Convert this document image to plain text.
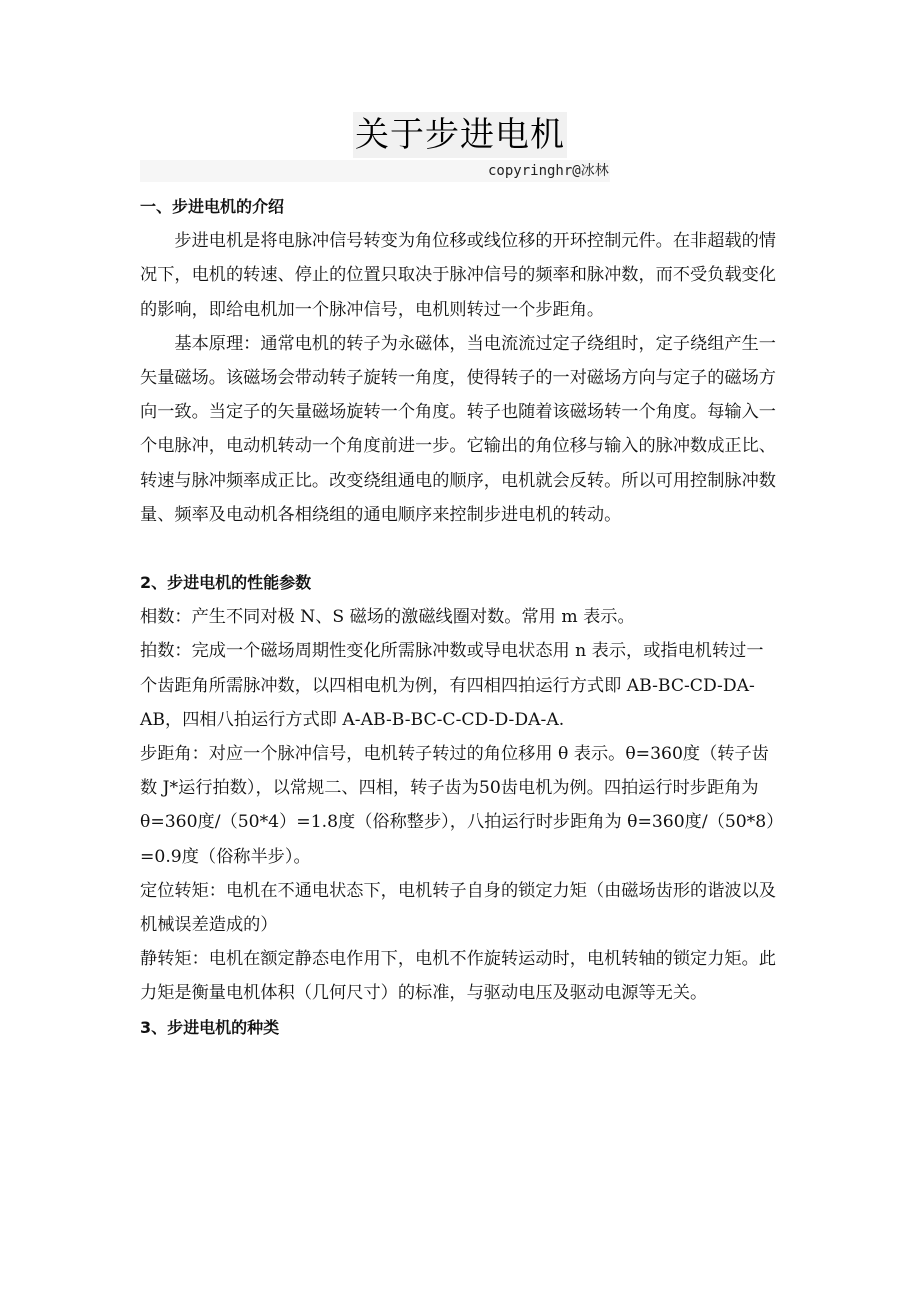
关于步进电机
copyringhr@冰林

一、步进电机的介绍

步进电机是将电脉冲信号转变为角位移或线位移的开环控制元件。在非超载的情况下，电机的转速、停止的位置只取决于脉冲信号的频率和脉冲数，而不受负载变化的影响，即给电机加一个脉冲信号，电机则转过一个步距角。

基本原理：通常电机的转子为永磁体，当电流流过定子绕组时，定子绕组产生一矢量磁场。该磁场会带动转子旋转一角度，使得转子的一对磁场方向与定子的磁场方向一致。当定子的矢量磁场旋转一个角度。转子也随着该磁场转一个角度。每输入一个电脉冲，电动机转动一个角度前进一步。它输出的角位移与输入的脉冲数成正比、转速与脉冲频率成正比。改变绕组通电的顺序，电机就会反转。所以可用控制脉冲数量、频率及电动机各相绕组的通电顺序来控制步进电机的转动。

2、步进电机的性能参数

相数：产生不同对极 N、S 磁场的激磁线圈对数。常用 m 表示。

拍数：完成一个磁场周期性变化所需脉冲数或导电状态用 n 表示，或指电机转过一个齿距角所需脉冲数，以四相电机为例，有四相四拍运行方式即 AB-BC-CD-DA-AB，四相八拍运行方式即 A-AB-B-BC-C-CD-D-DA-A.

步距角：对应一个脉冲信号，电机转子转过的角位移用 θ 表示。θ=360度（转子齿数 J*运行拍数），以常规二、四相，转子齿为50齿电机为例。四拍运行时步距角为 θ=360度/（50*4）=1.8度（俗称整步），八拍运行时步距角为 θ=360度/（50*8）=0.9度（俗称半步）。

定位转矩：电机在不通电状态下，电机转子自身的锁定力矩（由磁场齿形的谐波以及机械误差造成的）

静转矩：电机在额定静态电作用下，电机不作旋转运动时，电机转轴的锁定力矩。此力矩是衡量电机体积（几何尺寸）的标准，与驱动电压及驱动电源等无关。

3、步进电机的种类
